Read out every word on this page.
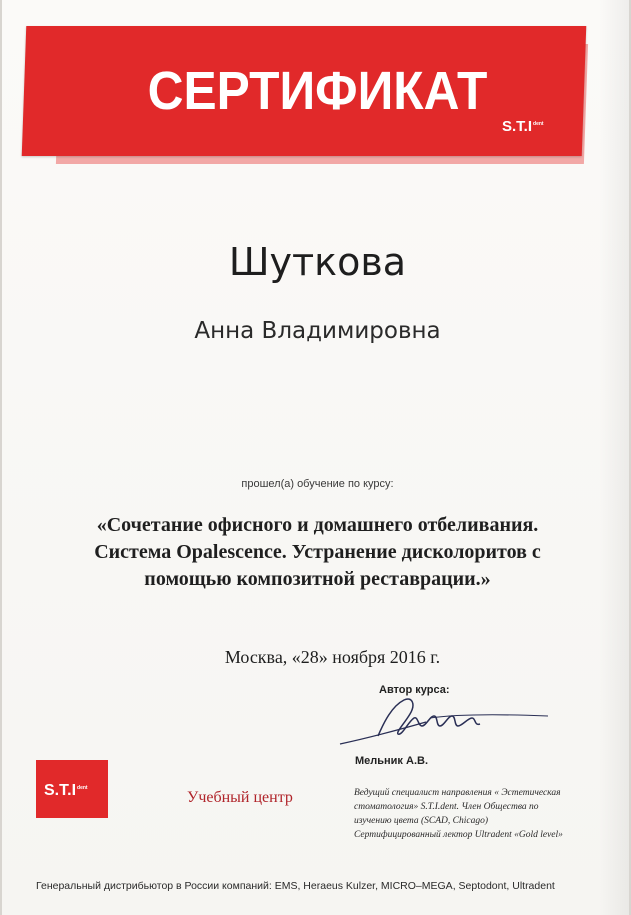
СЕРТИФИКАТ
$S.T.I^{dent}$
Шуткова
Анна Владимировна
прошел(а) обучение по курсу:
«Сочетание офисного и домашнего отбеливания.
Система Opalescence. Устранение дисколоритов с
помощью композитной реставрации.»
Москва, «28» ноября 2016 г.
Автор курса:
Мельник А.В.
Ведущий специалист направления « Эстетическая
стоматология» S.T.I.dent. Член Общества по
изучению цвета (SCAD, Chicago)
Сертифицированный лектор Ultradent «Gold level»
$S.T.I^{dent}$
Учебный центр
Генеральный дистрибьютор в России компаний: EMS, Heraeus Kulzer, MICRO–MEGA, Septodont, Ultradent
